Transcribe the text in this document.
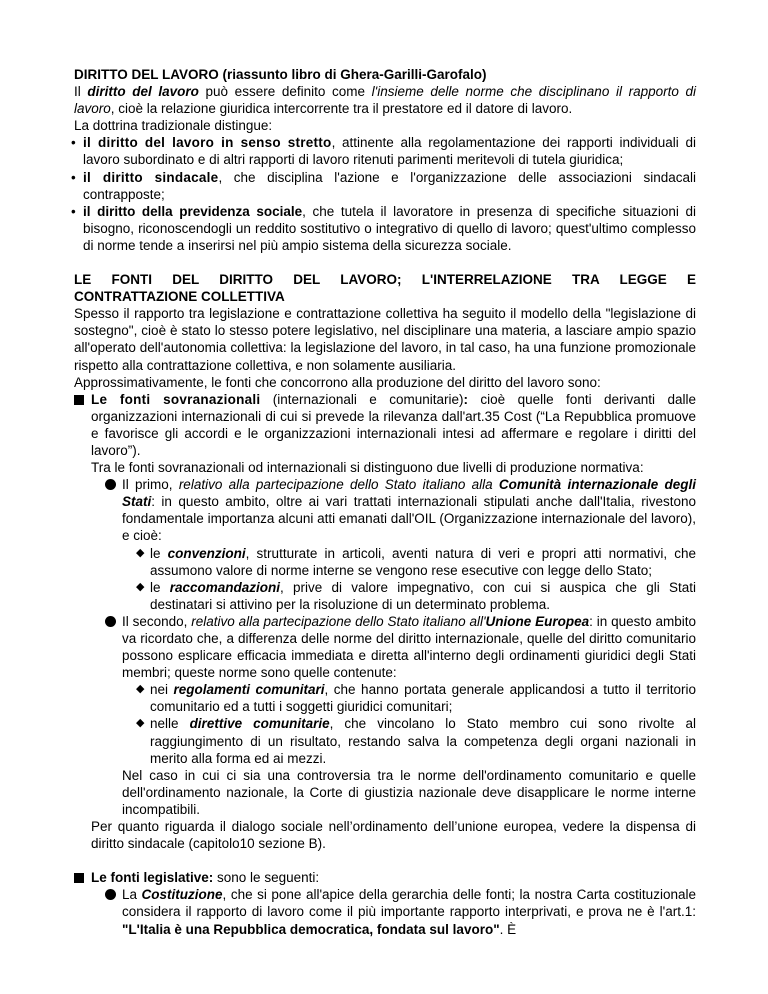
DIRITTO DEL LAVORO (riassunto libro di Ghera-Garilli-Garofalo)
Il diritto del lavoro può essere definito come l'insieme delle norme che disciplinano il rapporto di lavoro, cioè la relazione giuridica intercorrente tra il prestatore ed il datore di lavoro.
La dottrina tradizionale distingue:
• il diritto del lavoro in senso stretto, attinente alla regolamentazione dei rapporti individuali di lavoro subordinato e di altri rapporti di lavoro ritenuti parimenti meritevoli di tutela giuridica;
• il diritto sindacale, che disciplina l'azione e l'organizzazione delle associazioni sindacali contrapposte;
• il diritto della previdenza sociale, che tutela il lavoratore in presenza di specifiche situazioni di bisogno, riconoscendogli un reddito sostitutivo o integrativo di quello di lavoro; quest'ultimo complesso di norme tende a inserirsi nel più ampio sistema della sicurezza sociale.
LE FONTI DEL DIRITTO DEL LAVORO; L'INTERRELAZIONE TRA LEGGE E
CONTRATTAZIONE COLLETTIVA
Spesso il rapporto tra legislazione e contrattazione collettiva ha seguito il modello della "legislazione di sostegno", cioè è stato lo stesso potere legislativo, nel disciplinare una materia, a lasciare ampio spazio all'operato dell'autonomia collettiva: la legislazione del lavoro, in tal caso, ha una funzione promozionale rispetto alla contrattazione collettiva, e non solamente ausiliaria.
Approssimativamente, le fonti che concorrono alla produzione del diritto del lavoro sono:
Le fonti sovranazionali (internazionali e comunitarie): cioè quelle fonti derivanti dalle organizzazioni internazionali di cui si prevede la rilevanza dall'art.35 Cost (“La Repubblica promuove e favorisce gli accordi e le organizzazioni internazionali intesi ad affermare e regolare i diritti del lavoro”).
Tra le fonti sovranazionali od internazionali si distinguono due livelli di produzione normativa:
Il primo, relativo alla partecipazione dello Stato italiano alla Comunità internazionale degli Stati: in questo ambito, oltre ai vari trattati internazionali stipulati anche dall'Italia, rivestono fondamentale importanza alcuni atti emanati dall'OIL (Organizzazione internazionale del lavoro), e cioè:
◆ le convenzioni, strutturate in articoli, aventi natura di veri e propri atti normativi, che assumono valore di norme interne se vengono rese esecutive con legge dello Stato;
◆ le raccomandazioni, prive di valore impegnativo, con cui si auspica che gli Stati destinatari si attivino per la risoluzione di un determinato problema.
Il secondo, relativo alla partecipazione dello Stato italiano all'Unione Europea: in questo ambito va ricordato che, a differenza delle norme del diritto internazionale, quelle del diritto comunitario possono esplicare efficacia immediata e diretta all'interno degli ordinamenti giuridici degli Stati membri; queste norme sono quelle contenute:
◆ nei regolamenti comunitari, che hanno portata generale applicandosi a tutto il territorio comunitario ed a tutti i soggetti giuridici comunitari;
◆ nelle direttive comunitarie, che vincolano lo Stato membro cui sono rivolte al raggiungimento di un risultato, restando salva la competenza degli organi nazionali in merito alla forma ed ai mezzi.
Nel caso in cui ci sia una controversia tra le norme dell'ordinamento comunitario e quelle dell'ordinamento nazionale, la Corte di giustizia nazionale deve disapplicare le norme interne incompatibili.
Per quanto riguarda il dialogo sociale nell’ordinamento dell’unione europea, vedere la dispensa di diritto sindacale (capitolo10 sezione B).
Le fonti legislative: sono le seguenti:
La Costituzione, che si pone all'apice della gerarchia delle fonti; la nostra Carta costituzionale considera il rapporto di lavoro come il più importante rapporto interprivati, e prova ne è l'art.1: "L'Italia è una Repubblica democratica, fondata sul lavoro". È
